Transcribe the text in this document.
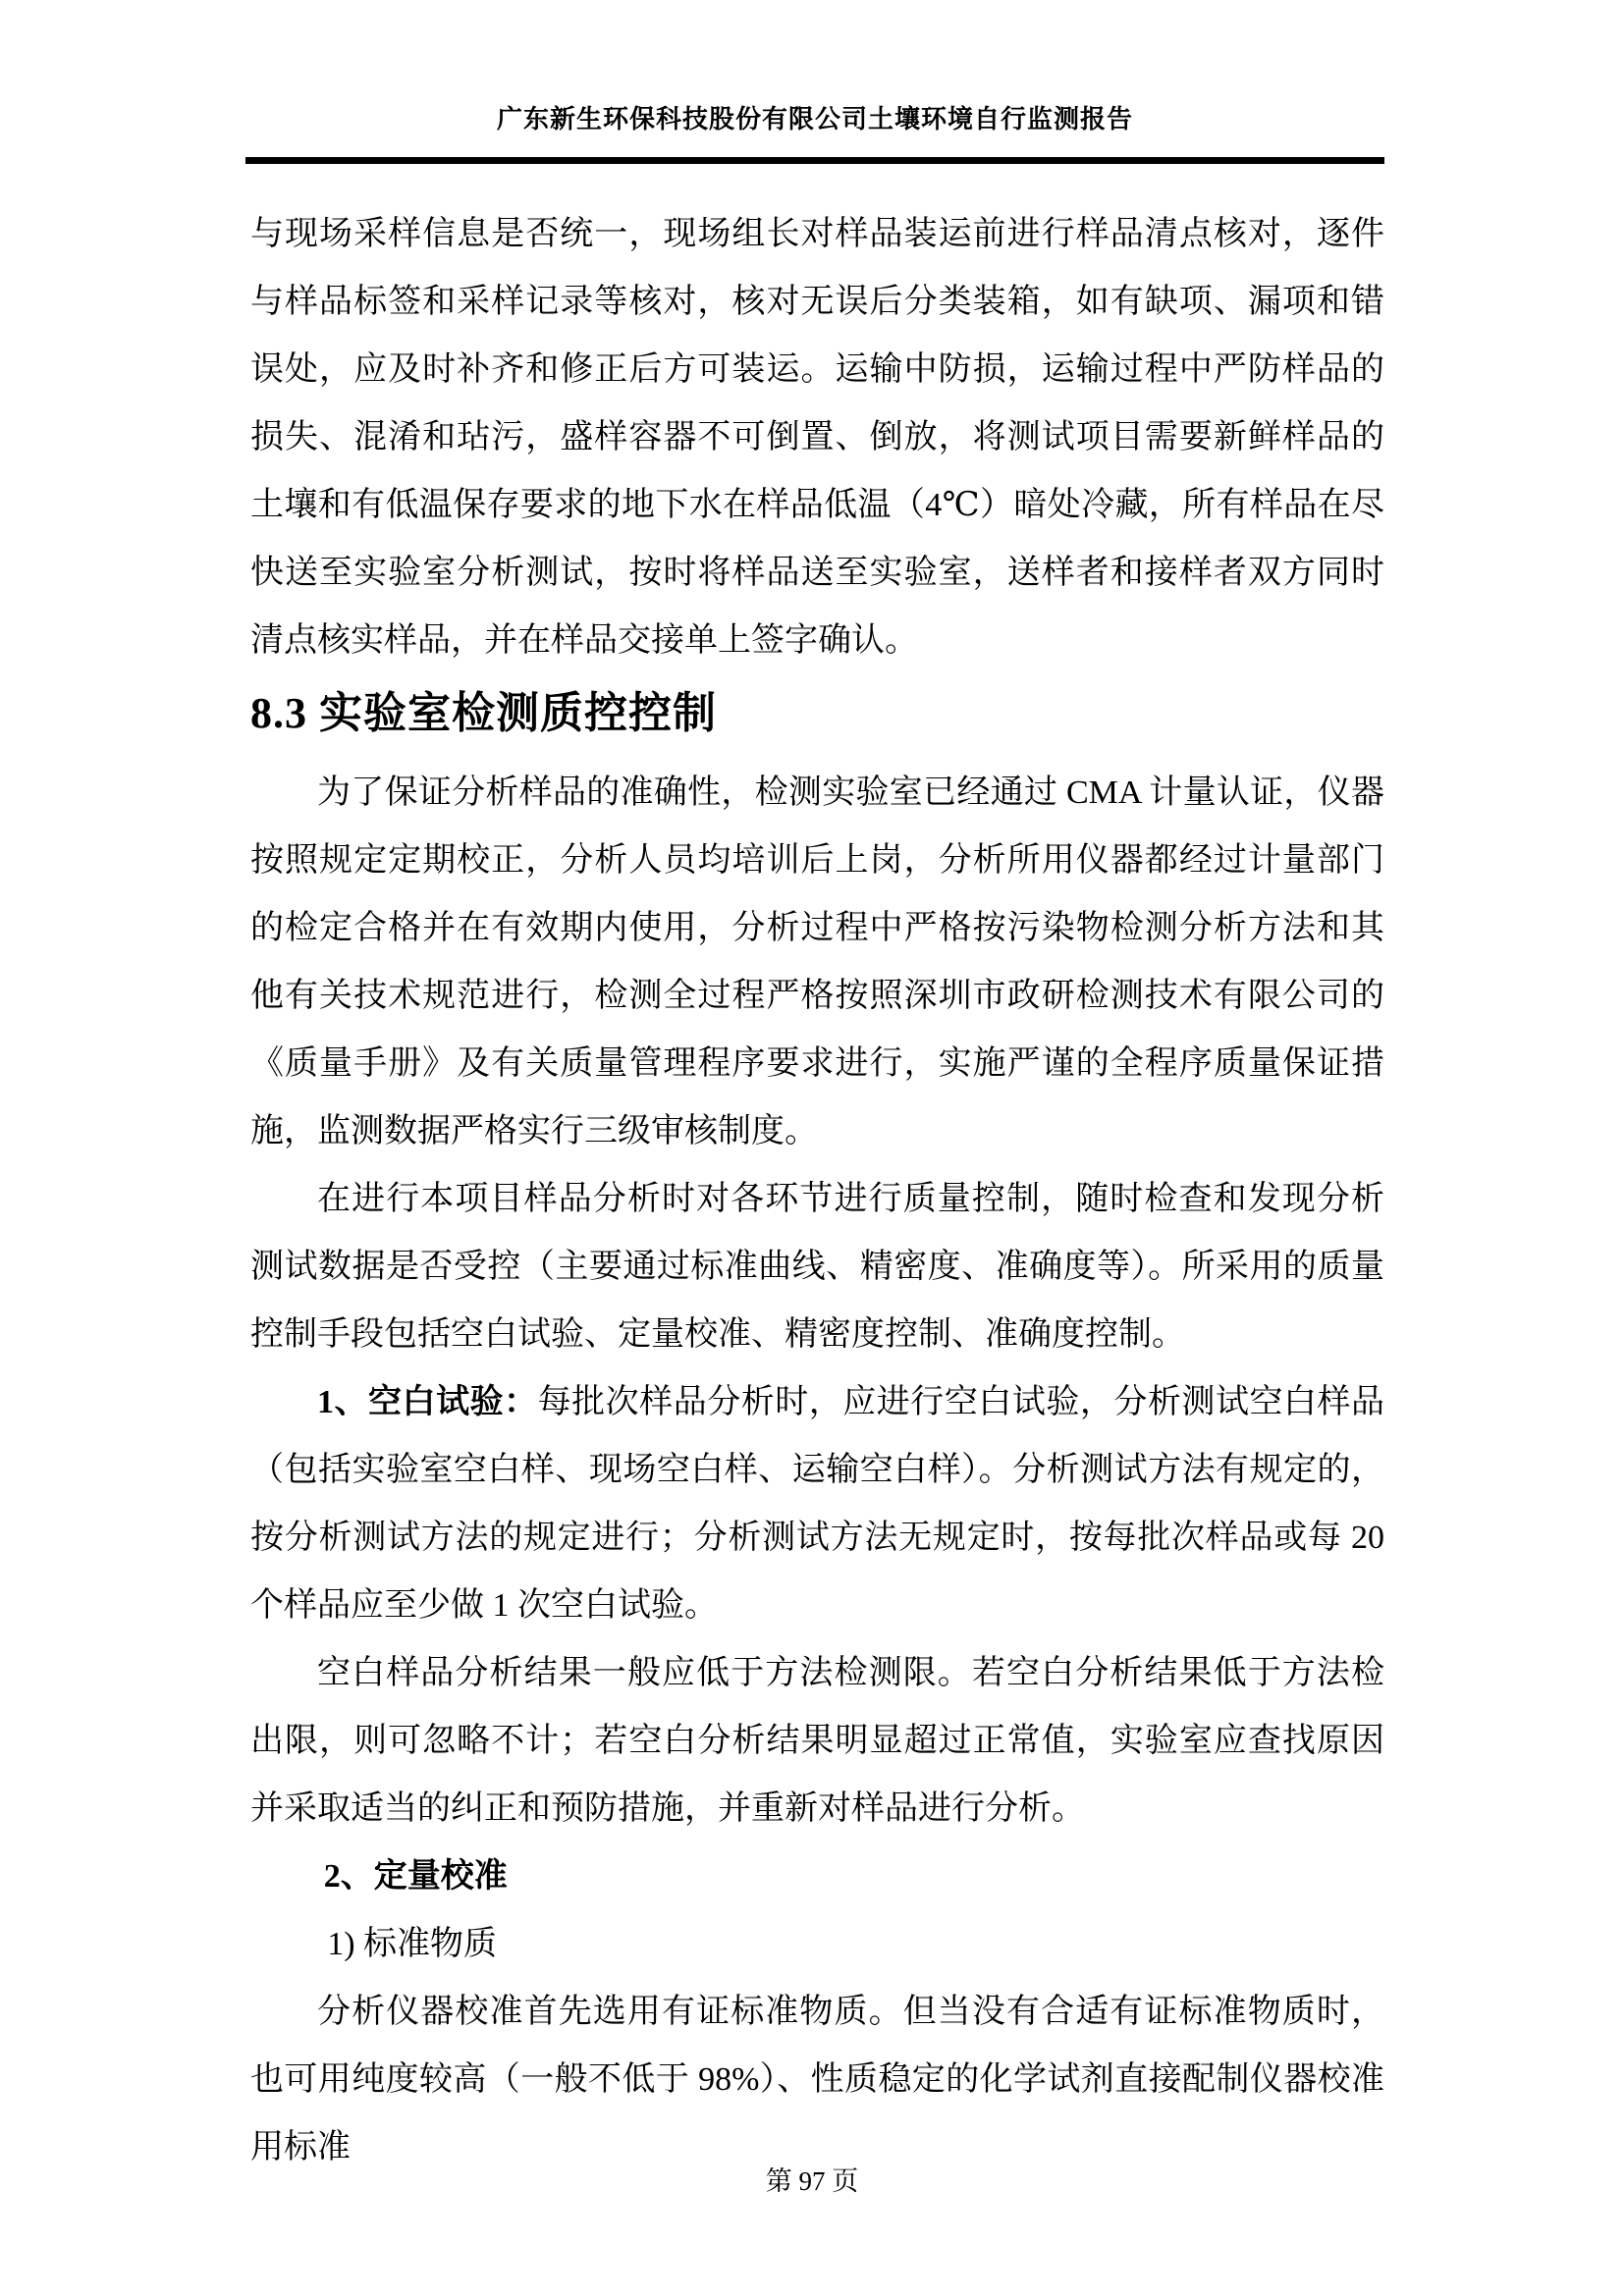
广东新生环保科技股份有限公司土壤环境自行监测报告

与现场采样信息是否统一，现场组长对样品装运前进行样品清点核对，逐件与样品标签和采样记录等核对，核对无误后分类装箱，如有缺项、漏项和错误处，应及时补齐和修正后方可装运。运输中防损，运输过程中严防样品的损失、混淆和玷污，盛样容器不可倒置、倒放，将测试项目需要新鲜样品的土壤和有低温保存要求的地下水在样品低温（4℃）暗处冷藏，所有样品在尽快送至实验室分析测试，按时将样品送至实验室，送样者和接样者双方同时清点核实样品，并在样品交接单上签字确认。

8.3 实验室检测质控控制

为了保证分析样品的准确性，检测实验室已经通过 CMA 计量认证，仪器按照规定定期校正，分析人员均培训后上岗，分析所用仪器都经过计量部门的检定合格并在有效期内使用，分析过程中严格按污染物检测分析方法和其他有关技术规范进行，检测全过程严格按照深圳市政研检测技术有限公司的《质量手册》及有关质量管理程序要求进行，实施严谨的全程序质量保证措施，监测数据严格实行三级审核制度。

在进行本项目样品分析时对各环节进行质量控制，随时检查和发现分析测试数据是否受控（主要通过标准曲线、精密度、准确度等）。所采用的质量控制手段包括空白试验、定量校准、精密度控制、准确度控制。

1、空白试验：每批次样品分析时，应进行空白试验，分析测试空白样品（包括实验室空白样、现场空白样、运输空白样）。分析测试方法有规定的，按分析测试方法的规定进行；分析测试方法无规定时，按每批次样品或每 20 个样品应至少做 1 次空白试验。

空白样品分析结果一般应低于方法检测限。若空白分析结果低于方法检出限，则可忽略不计；若空白分析结果明显超过正常值，实验室应查找原因并采取适当的纠正和预防措施，并重新对样品进行分析。

2、定量校准

1) 标准物质

分析仪器校准首先选用有证标准物质。但当没有合适有证标准物质时，也可用纯度较高（一般不低于 98%）、性质稳定的化学试剂直接配制仪器校准用标准

第 97 页
